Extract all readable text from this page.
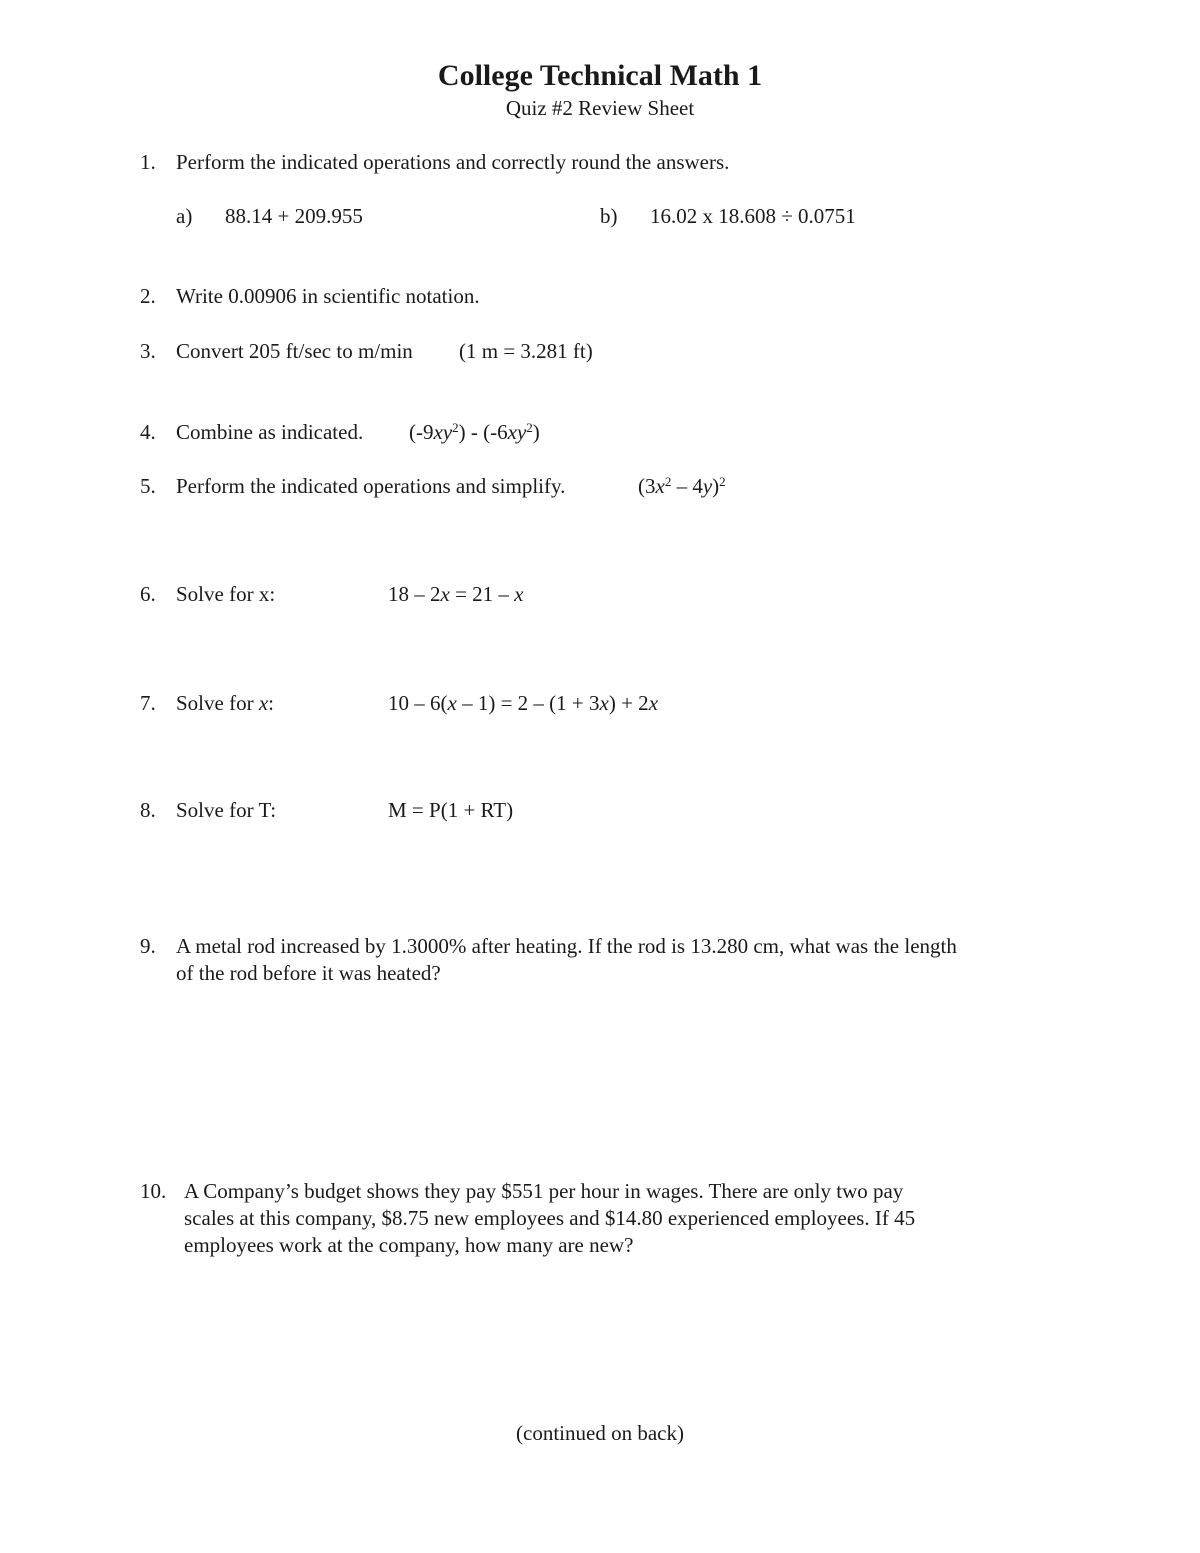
College Technical Math 1
Quiz #2 Review Sheet
1. Perform the indicated operations and correctly round the answers.
a) 88.14 + 209.955	b) 16.02 x 18.608 ÷ 0.0751
2. Write 0.00906 in scientific notation.
3. Convert 205 ft/sec to m/min (1 m = 3.281 ft)
4. Combine as indicated. $(-9xy^2) - (-6xy^2)$
5. Perform the indicated operations and simplify.	$(3x^2 - 4y)^2$
6. Solve for x:	18 – 2x = 21 – x
7. Solve for x:	10 – 6(x – 1) = 2 – (1 + 3x) + 2x
8. Solve for T:	M = P(1 + RT)
9. A metal rod increased by 1.3000% after heating. If the rod is 13.280 cm, what was the length
of the rod before it was heated?
10. A Company’s budget shows they pay $551 per hour in wages. There are only two pay
scales at this company, $8.75 new employees and $14.80 experienced employees. If 45
employees work at the company, how many are new?
(continued on back)
